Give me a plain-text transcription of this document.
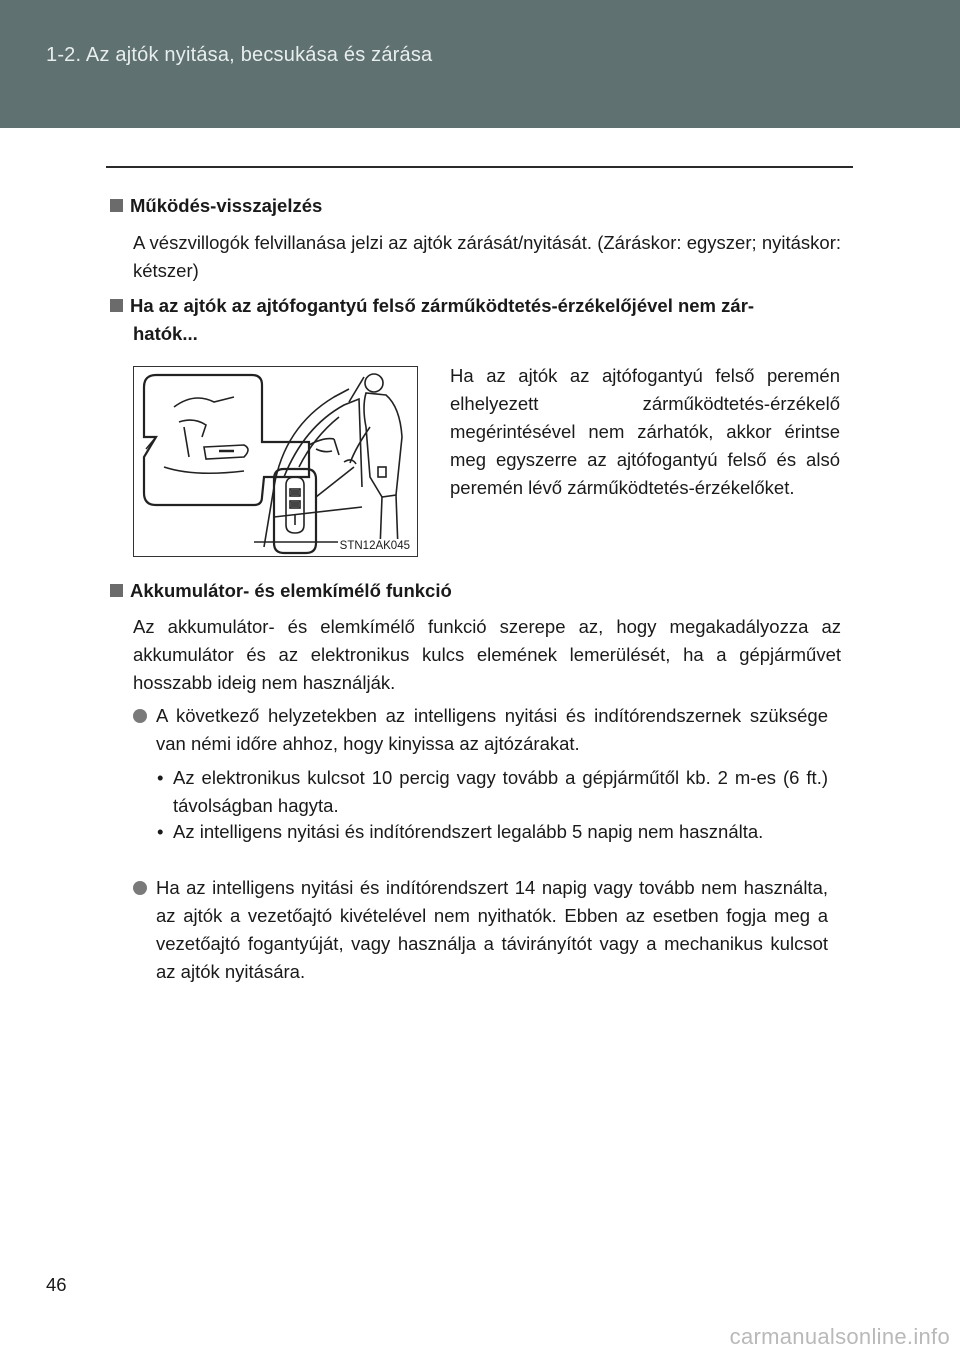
1-2. Az ajtók nyitása, becsukása és zárása
Működés-visszajelzés
A vészvillogók felvillanása jelzi az ajtók zárását/nyitását. (Záráskor: egyszer; nyitáskor: kétszer)
Ha az ajtók az ajtófogantyú felső zárműködtetés-érzékelőjével nem zár-
hatók...
STN12AK045
Ha az ajtók az ajtófogantyú felső peremén elhelyezett zárműködtetés-érzékelő megérintésével nem zárhatók, akkor érintse meg egyszerre az ajtófogantyú felső és alsó peremén lévő zárműködtetés-érzékelőket.
Akkumulátor- és elemkímélő funkció
Az akkumulátor- és elemkímélő funkció szerepe az, hogy megakadályozza az akkumulátor és az elektronikus kulcs elemének lemerülését, ha a gépjárművet hosszabb ideig nem használják.
A következő helyzetekben az intelligens nyitási és indítórendszernek szüksége van némi időre ahhoz, hogy kinyissa az ajtózárakat.
• Az elektronikus kulcsot 10 percig vagy tovább a gépjárműtől kb. 2 m-es (6 ft.) távolságban hagyta.
• Az intelligens nyitási és indítórendszert legalább 5 napig nem használta.
Ha az intelligens nyitási és indítórendszert 14 napig vagy tovább nem használta, az ajtók a vezetőajtó kivételével nem nyithatók. Ebben az esetben fogja meg a vezetőajtó fogantyúját, vagy használja a távirányítót vagy a mechanikus kulcsot az ajtók nyitására.
46
carmanualsonline.info
